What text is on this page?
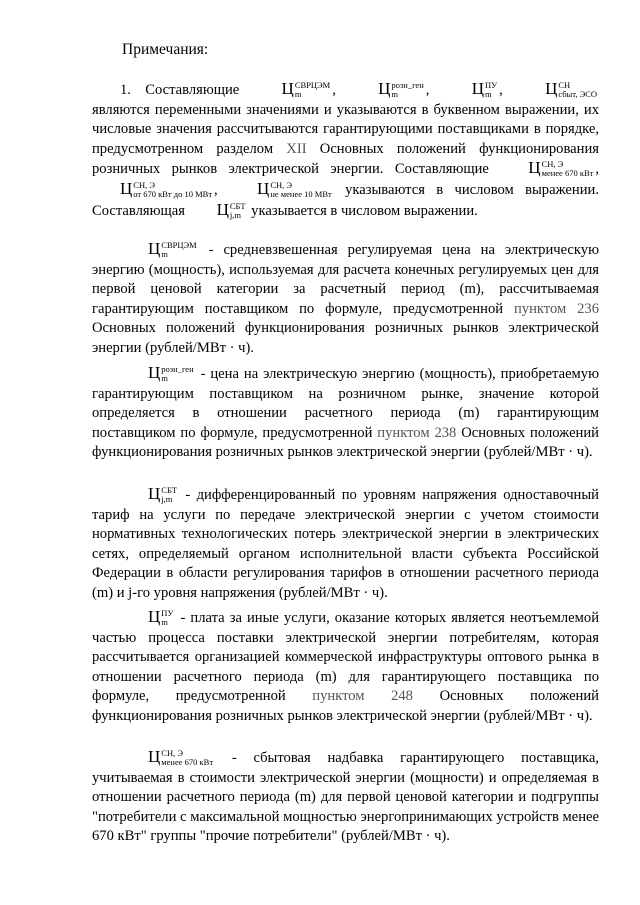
Примечания:
1. Составляющие Ц СВРЦЭМ
m	, Ц розн_ген
m	, Ц ПУ
m , Ц СН
сбыт, ЭСО
являются переменными значениями и указываются в буквенном выражении, их числовые значения рассчитываются гарантирующими поставщиками в порядке, предусмотренном разделом XII Основных положений функционирования розничных рынков электрической энергии. Составляющие Ц СН, Э
менее 670 кВт , Ц СН, Э
от 670 кВт до 10 МВт , Ц СН, Э
не менее 10 МВт указываются в числовом выражении. Составляющая Ц СБТ
j,m указывается в числовом выражении.
Ц СВРЦЭМ
m	- средневзвешенная регулируемая цена на электрическую энергию (мощность), используемая для расчета конечных регулируемых цен для первой ценовой категории за расчетный период (m), рассчитываемая гарантирующим поставщиком по формуле, предусмотренной пунктом 236 Основных положений функционирования розничных рынков электрической энергии (рублей/МВт · ч).
Ц розн_ген
m	- цена на электрическую энергию (мощность), приобретаемую гарантирующим поставщиком на розничном рынке, значение которой определяется в отношении расчетного периода (m) гарантирующим поставщиком по формуле, предусмотренной пунктом 238 Основных положений функционирования розничных рынков электрической энергии (рублей/МВт · ч).
Ц СБТ
j,m - дифференцированный по уровням напряжения одноставочный тариф на услуги по передаче электрической энергии с учетом стоимости нормативных технологических потерь электрической энергии в электрических сетях, определяемый органом исполнительной власти субъекта Российской Федерации в области регулирования тарифов в отношении расчетного периода (m) и j-го уровня напряжения (рублей/МВт · ч).
Ц ПУ
m - плата за иные услуги, оказание которых является неотъемлемой частью процесса поставки электрической энергии потребителям, которая рассчитывается организацией коммерческой инфраструктуры оптового рынка в отношении расчетного периода (m) для гарантирующего поставщика по формуле, предусмотренной пунктом 248 Основных положений функционирования розничных рынков электрической энергии (рублей/МВт · ч).
Ц СН, Э
менее 670 кВт - сбытовая надбавка гарантирующего поставщика, учитываемая в стоимости электрической энергии (мощности) и определяемая в отношении расчетного периода (m) для первой ценовой категории и подгруппы "потребители с максимальной мощностью энергопринимающих устройств менее 670 кВт" группы "прочие потребители" (рублей/МВт · ч).
